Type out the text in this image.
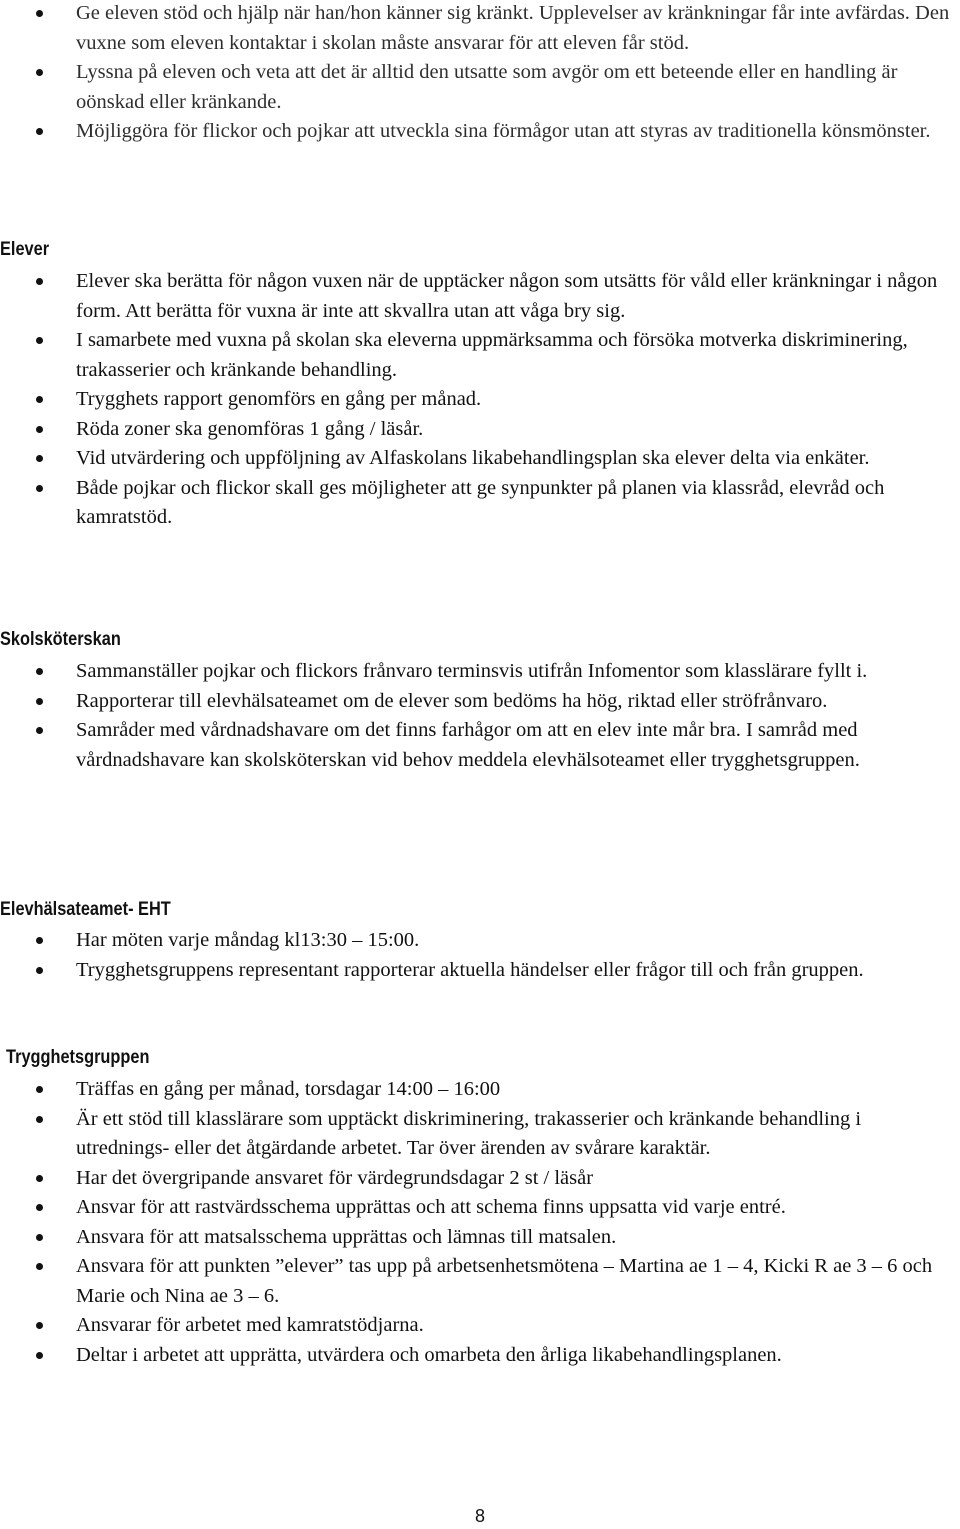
Ge eleven stöd och hjälp när han/hon känner sig kränkt. Upplevelser av kränkningar får inte avfärdas. Den vuxne som eleven kontaktar i skolan måste ansvarar för att eleven får stöd.
Lyssna på eleven och veta att det är alltid den utsatte som avgör om ett beteende eller en handling är oönskad eller kränkande.
Möjliggöra för flickor och pojkar att utveckla sina förmågor utan att styras av traditionella könsmönster.
Elever
Elever ska berätta för någon vuxen när de upptäcker någon som utsätts för våld eller kränkningar i någon form. Att berätta för vuxna är inte att skvallra utan att våga bry sig.
I samarbete med vuxna på skolan ska eleverna uppmärksamma och försöka motverka diskriminering, trakasserier och kränkande behandling.
Trygghets rapport genomförs en gång per månad.
Röda zoner ska genomföras 1 gång / läsår.
Vid utvärdering och uppföljning av Alfaskolans likabehandlingsplan ska elever delta via enkäter.
Både pojkar och flickor skall ges möjligheter att ge synpunkter på planen via klassråd, elevråd och kamratstöd.
Skolsköterskan
Sammanställer pojkar och flickors frånvaro terminsvis utifrån Infomentor som klasslärare fyllt i.
Rapporterar till elevhälsateamet om de elever som bedöms ha hög, riktad eller ströfrånvaro.
Samråder med vårdnadshavare om det finns farhågor om att en elev inte mår bra. I samråd med vårdnadshavare kan skolsköterskan vid behov meddela elevhälsoteamet eller trygghetsgruppen.
Elevhälsateamet- EHT
Har möten varje måndag kl13:30 – 15:00.
Trygghetsgruppens representant rapporterar aktuella händelser eller frågor till och från gruppen.
Trygghetsgruppen
Träffas en gång per månad, torsdagar 14:00 – 16:00
Är ett stöd till klasslärare som upptäckt diskriminering, trakasserier och kränkande behandling i utrednings- eller det åtgärdande arbetet. Tar över ärenden av svårare karaktär.
Har det övergripande ansvaret för värdegrundsdagar 2 st / läsår
Ansvar för att rastvärdsschema upprättas och att schema finns uppsatta vid varje entré.
Ansvara för att matsalsschema upprättas och lämnas till matsalen.
Ansvara för att punkten ”elever” tas upp på arbetsenhetsmötena – Martina ae 1 – 4, Kicki R ae 3 – 6 och Marie och Nina ae 3 – 6.
Ansvarar för arbetet med kamratstödjarna.
Deltar i arbetet att upprätta, utvärdera och omarbeta den årliga likabehandlingsplanen.
8
